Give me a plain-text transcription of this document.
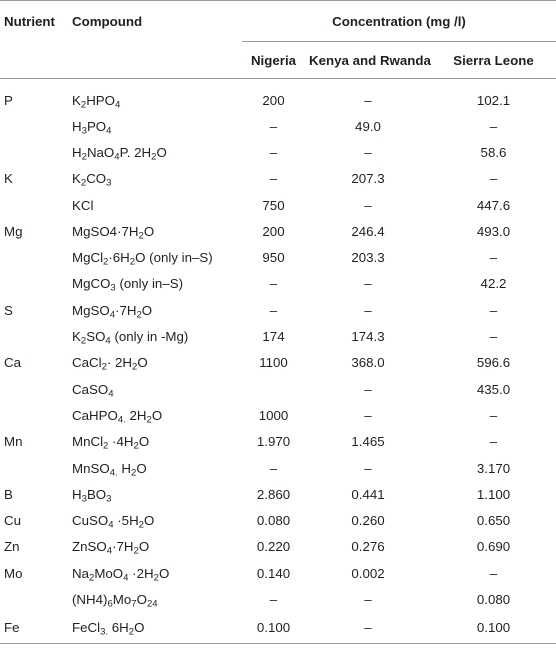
Nutrient	Compound	Concentration (mg /l)		
		Nigeria	Kenya and Rwanda	Sierra Leone
P	$K_2HPO_4$	200	–	102.1
	$H_3PO_4$	–	49.0	–
	$H_2NaO_4P$. $2H_2O$	–	–	58.6
K	$K_2CO_3$	–	207.3	–
	KCl	750	–	447.6
Mg	$MgSO4\cdot 7H_2O$	200	246.4	493.0
	$MgCl_2\cdot 6H_2O$ (only in–S)	950	203.3	–
	MgCO$_3$ (only in–S)	–	–	42.2
S	$MgSO_4\cdot 7H_2O$	–	–	–
	$K_2SO_4$ (only in -Mg)	174	174.3	–
Ca	CaCl$_2$· $2H_2O$	1100	368.0	596.6
	CaSO$_4$		–	435.0
	CaHPO$_{4.}$ $2H_2O$	1000	–	–
Mn	MnCl$_2$ $\cdot 4H_2O$	1.970	1.465	–
	MnSO$_{4.}$ $H_2O$	–	–	3.170
B	$H_3BO_3$	2.860	0.441	1.100
Cu	CuSO$_4$ $\cdot 5H_2O$	0.080	0.260	0.650
Zn	$ZnSO_4\cdot 7H_2O$	0.220	0.276	0.690
Mo	$Na_2MoO_4 \cdot 2H_2O$	0.140	0.002	–
	$(NH4)_6Mo_7O_{24}$	–	–	0.080
Fe	FeCl$_{3.}$ $6H_2O$	0.100	–	0.100
